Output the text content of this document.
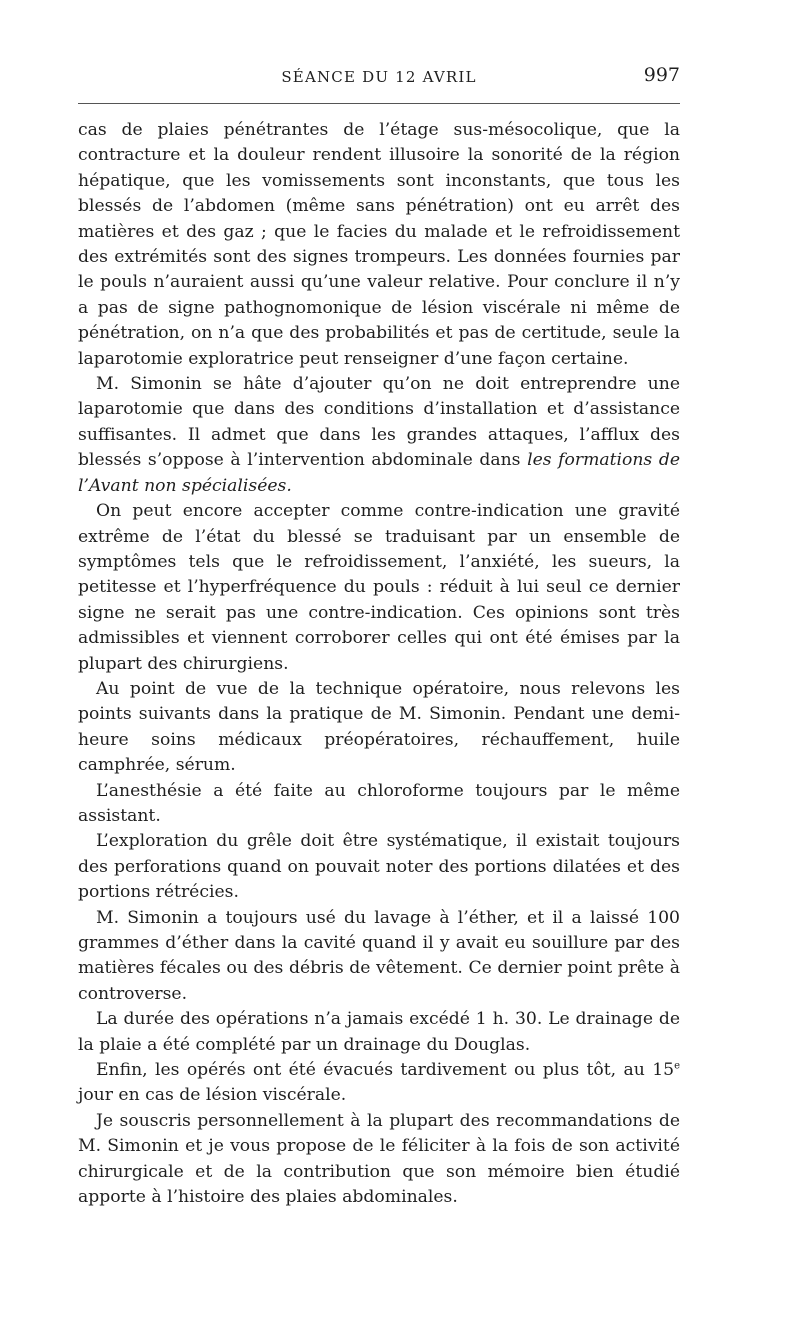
SÉANCE DU 12 AVRIL	997

cas de plaies pénétrantes de l’étage sus-mésocolique, que la contracture et la douleur rendent illusoire la sonorité de la région hépatique, que les vomissements sont inconstants, que tous les blessés de l’abdomen (même sans pénétration) ont eu arrêt des matières et des gaz ; que le facies du malade et le refroidissement des extrémités sont des signes trompeurs. Les données fournies par le pouls n’auraient aussi qu’une valeur relative. Pour conclure il n’y a pas de signe pathognomonique de lésion viscérale ni même de pénétration, on n’a que des probabilités et pas de certitude, seule la laparotomie exploratrice peut renseigner d’une façon certaine.

M. Simonin se hâte d’ajouter qu’on ne doit entreprendre une laparotomie que dans des conditions d’installation et d’assistance suffisantes. Il admet que dans les grandes attaques, l’afflux des blessés s’oppose à l’intervention abdominale dans les formations de l’Avant non spécialisées.

On peut encore accepter comme contre-indication une gravité extrême de l’état du blessé se traduisant par un ensemble de symptômes tels que le refroidissement, l’anxiété, les sueurs, la petitesse et l’hyperfréquence du pouls : réduit à lui seul ce dernier signe ne serait pas une contre-indication. Ces opinions sont très admissibles et viennent corroborer celles qui ont été émises par la plupart des chirurgiens.

Au point de vue de la technique opératoire, nous relevons les points suivants dans la pratique de M. Simonin. Pendant une demi-heure soins médicaux préopératoires, réchauffement, huile camphrée, sérum.

L’anesthésie a été faite au chloroforme toujours par le même assistant.

L’exploration du grêle doit être systématique, il existait toujours des perforations quand on pouvait noter des portions dilatées et des portions rétrécies.

M. Simonin a toujours usé du lavage à l’éther, et il a laissé 100 grammes d’éther dans la cavité quand il y avait eu souillure par des matières fécales ou des débris de vêtement. Ce dernier point prête à controverse.

La durée des opérations n’a jamais excédé 1 h. 30. Le drainage de la plaie a été complété par un drainage du Douglas.

Enfin, les opérés ont été évacués tardivement ou plus tôt, au 15e jour en cas de lésion viscérale.

Je souscris personnellement à la plupart des recommandations de M. Simonin et je vous propose de le féliciter à la fois de son activité chirurgicale et de la contribution que son mémoire bien étudié apporte à l’histoire des plaies abdominales.
